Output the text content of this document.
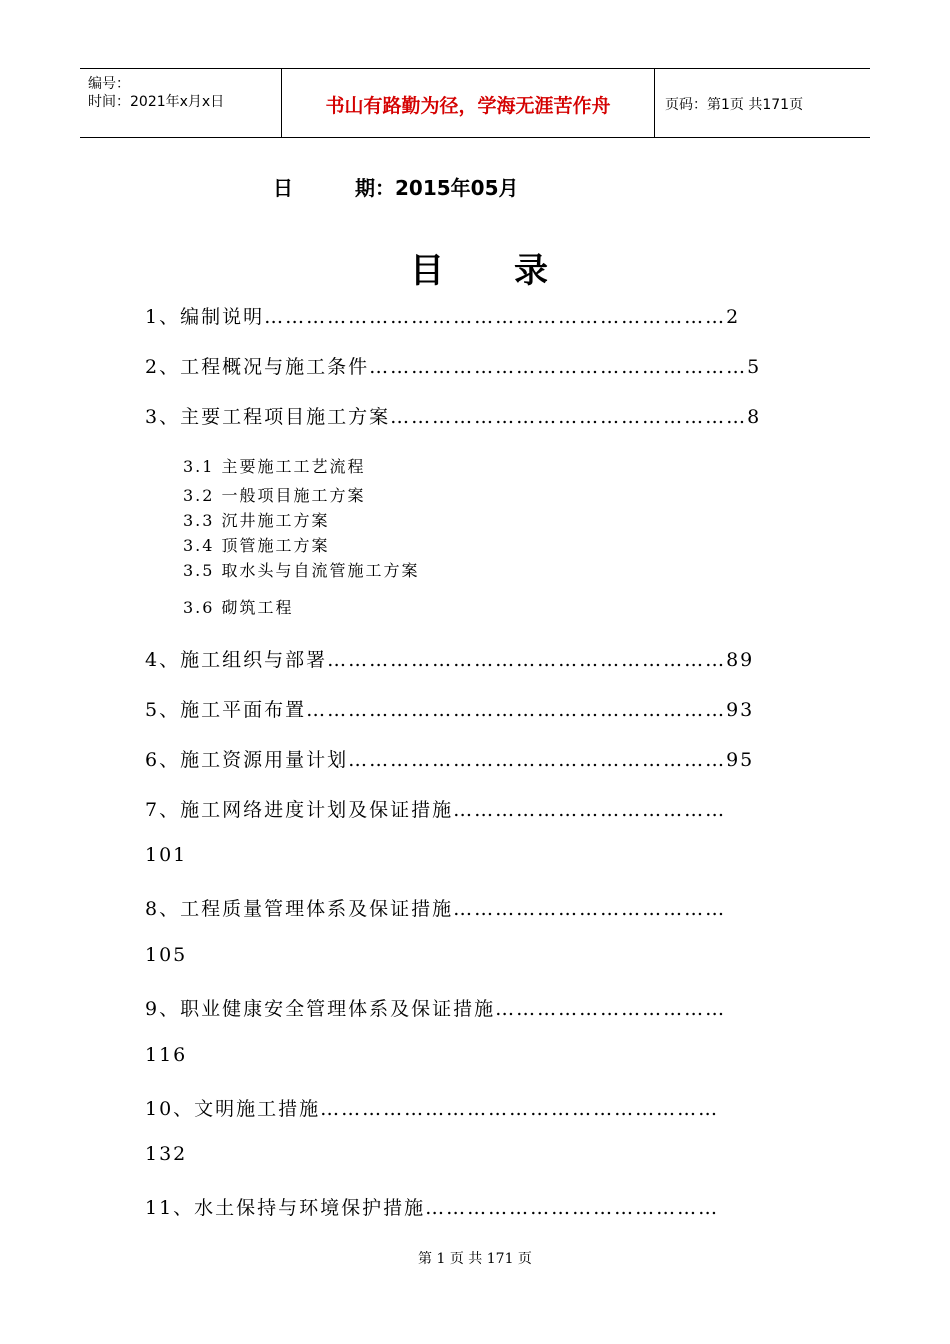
编号：
时间：2021年x月x日	书山有路勤为径，学海无涯苦作舟	页码：第1页 共171页
日	期：2015年05月
目 录
1、编制说明…………………………………………………………2
2、工程概况与施工条件………………………………………………5
3、主要工程项目施工方案……………………………………………8
3.1 主要施工工艺流程
3.2 一般项目施工方案
3.3 沉井施工方案
3.4 顶管施工方案
3.5 取水头与自流管施工方案
3.6 砌筑工程
4、施工组织与部署…………………………………………………89
5、施工平面布置……………………………………………………93
6、施工资源用量计划………………………………………………95
7、施工网络进度计划及保证措施…………………………………
101
8、工程质量管理体系及保证措施…………………………………
105
9、职业健康安全管理体系及保证措施……………………………
116
10、文明施工措施…………………………………………………
132
11、水土保持与环境保护措施……………………………………
第 1 页 共 171 页
